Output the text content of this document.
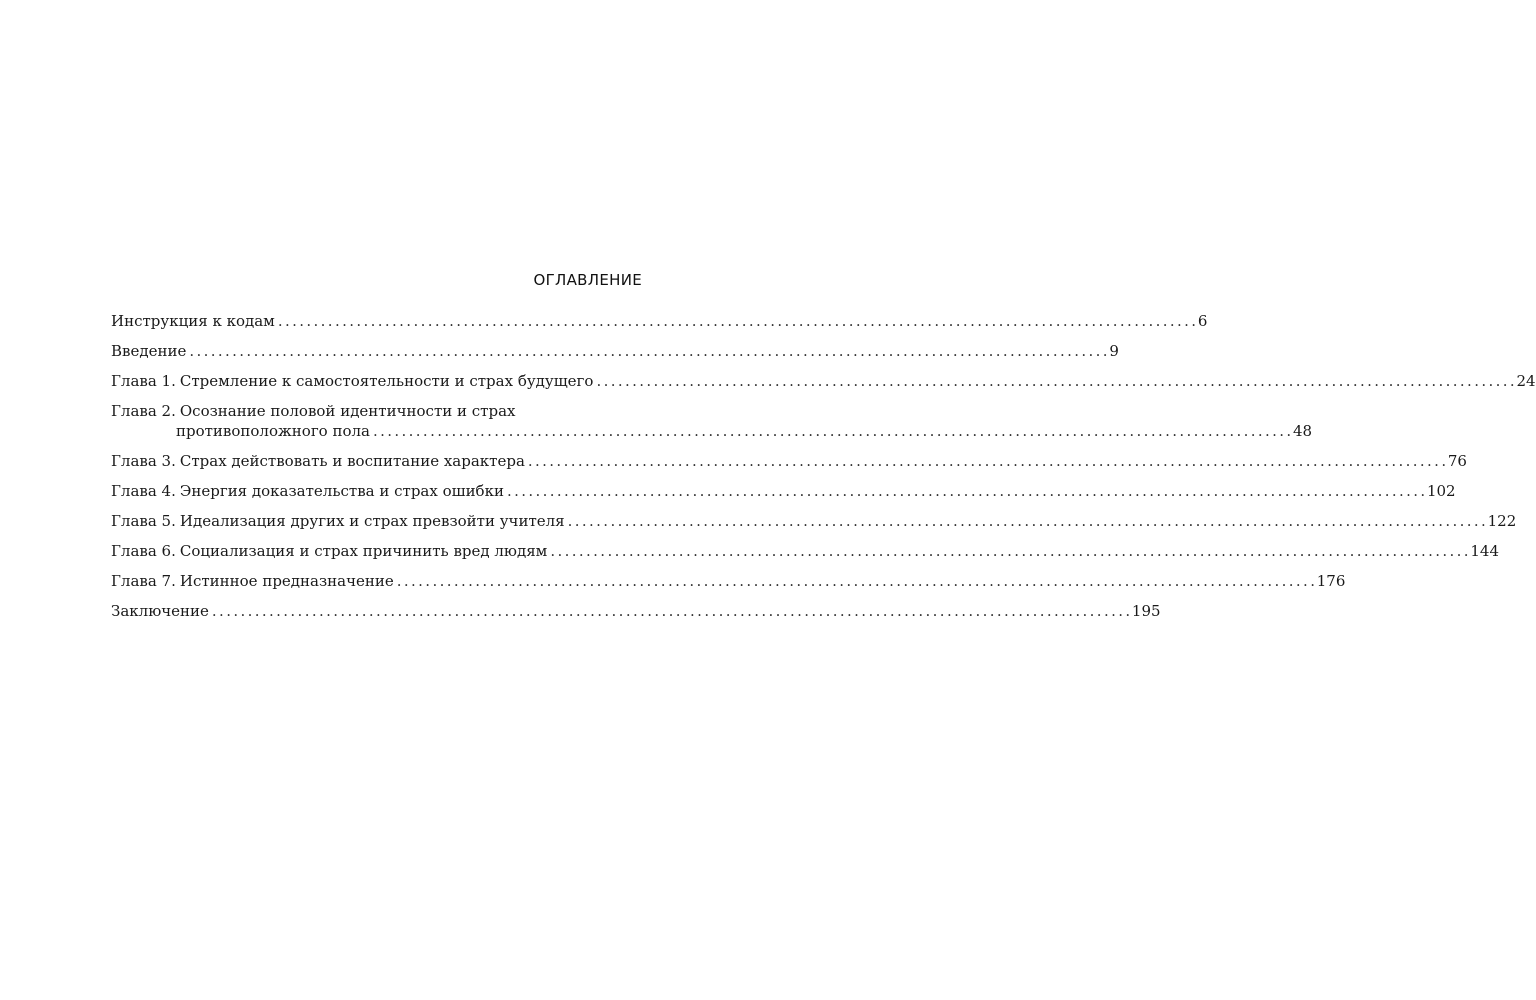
ОГЛАВЛЕНИЕ
Инструкция к кодам . . .	6
Введение . . .	9
Глава 1. Стремление к самостоятельности и страх будущего . . .	24
Глава 2. Осознание половой идентичности и страх
противоположного пола . . .	48
Глава 3. Страх действовать и воспитание характера . . .	76
Глава 4. Энергия доказательства и страх ошибки . . .	102
Глава 5. Идеализация других и страх превзойти учителя . . .	122
Глава 6. Социализация и страх причинить вред людям . . .	144
Глава 7. Истинное предназначение . . .	176
Заключение . . .	195
